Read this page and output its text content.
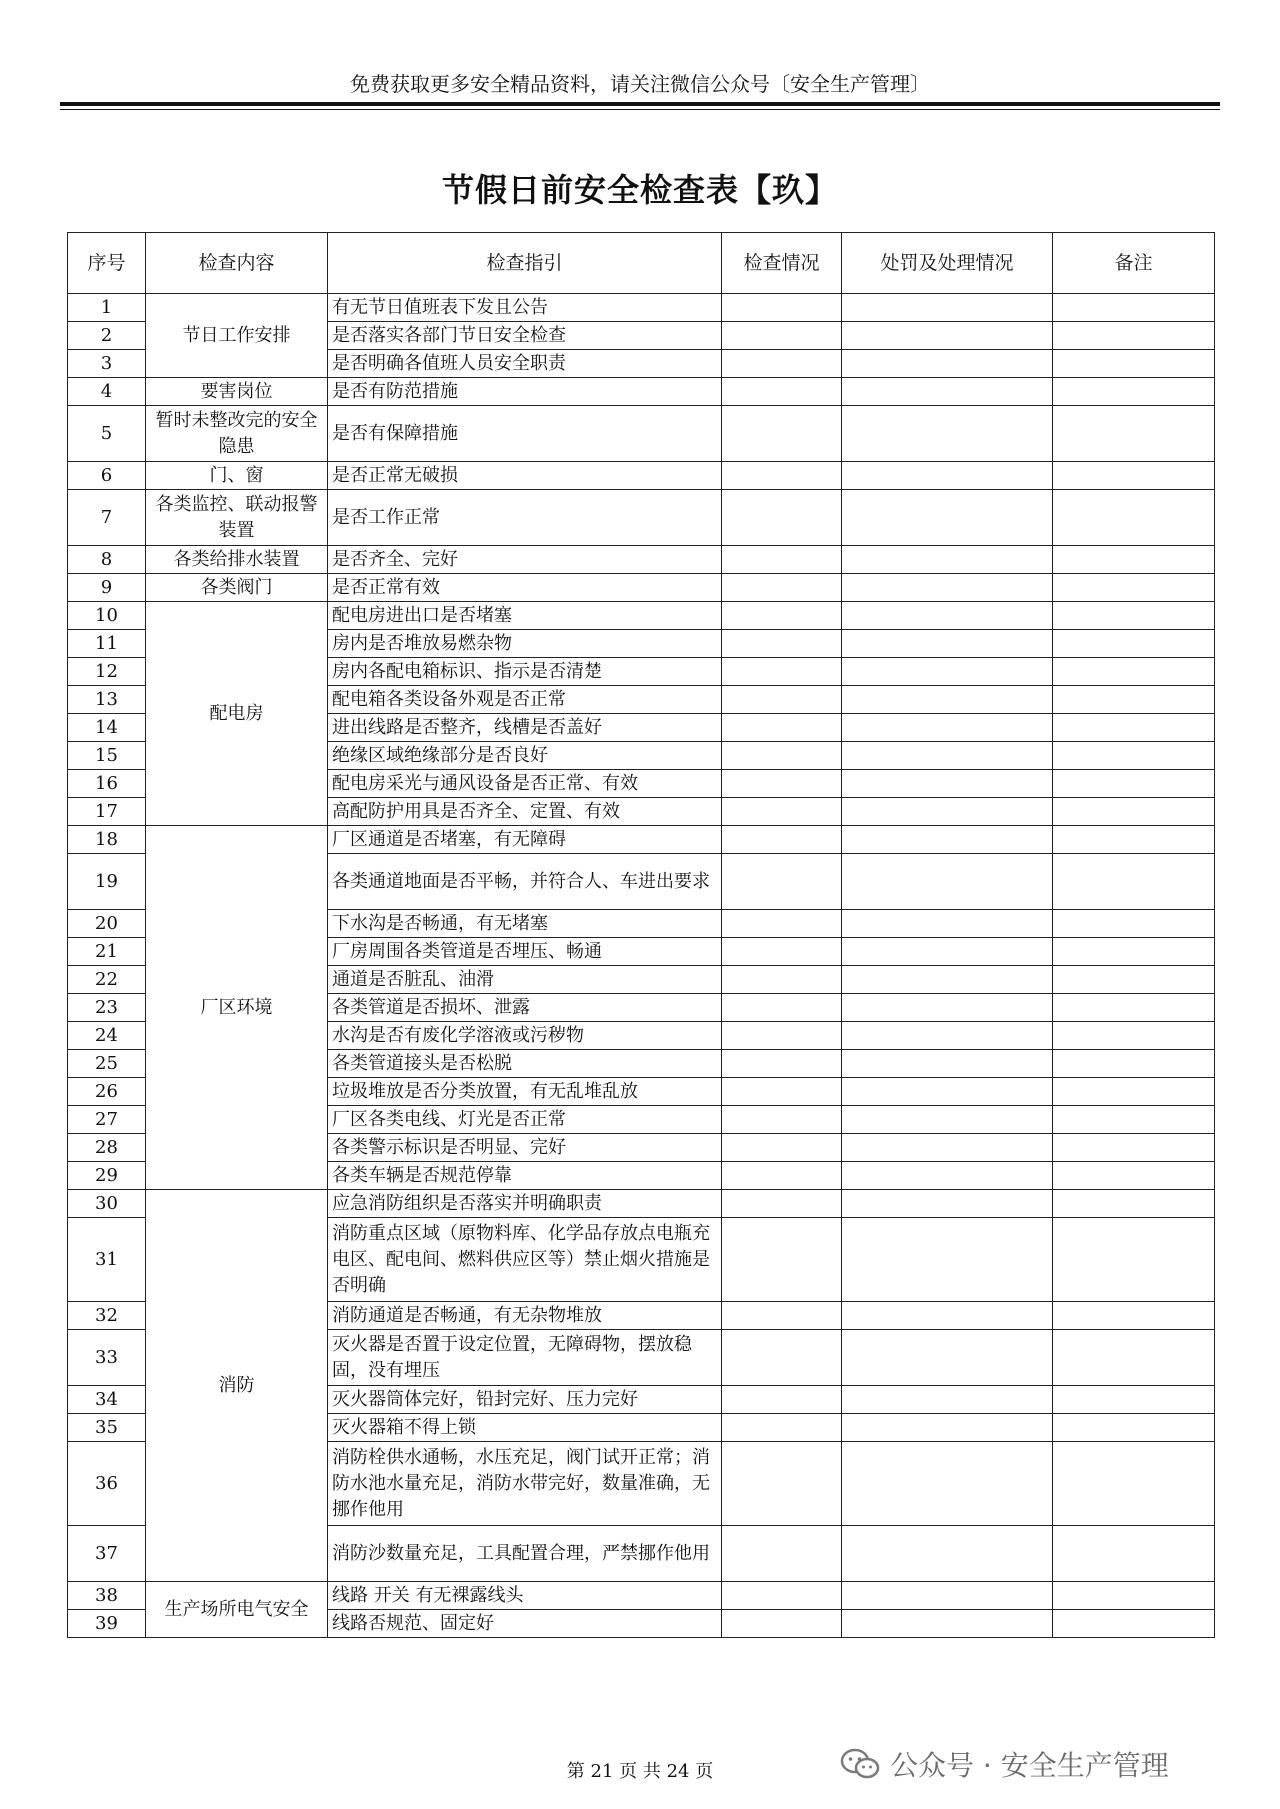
免费获取更多安全精品资料，请关注微信公众号〔安全生产管理〕
节假日前安全检查表【玖】
序号	检查内容	检查指引	检查情况	处罚及处理情况	备注
1	节日工作安排	有无节日值班表下发且公告			
2		是否落实各部门节日安全检查			
3		是否明确各值班人员安全职责			
4	要害岗位	是否有防范措施			
5	暂时未整改完的安全隐患	是否有保障措施			
6	门、窗	是否正常无破损			
7	各类监控、联动报警装置	是否工作正常			
8	各类给排水装置	是否齐全、完好			
9	各类阀门	是否正常有效			
10	配电房	配电房进出口是否堵塞			
11		房内是否堆放易燃杂物			
12		房内各配电箱标识、指示是否清楚			
13		配电箱各类设备外观是否正常			
14		进出线路是否整齐，线槽是否盖好			
15		绝缘区域绝缘部分是否良好			
16		配电房采光与通风设备是否正常、有效			
17		高配防护用具是否齐全、定置、有效			
18	厂区环境	厂区通道是否堵塞，有无障碍			
19		各类通道地面是否平畅，并符合人、车进出要求			
20		下水沟是否畅通，有无堵塞			
21		厂房周围各类管道是否埋压、畅通			
22		通道是否脏乱、油滑			
23		各类管道是否损坏、泄露			
24		水沟是否有废化学溶液或污秽物			
25		各类管道接头是否松脱			
26		垃圾堆放是否分类放置，有无乱堆乱放			
27		厂区各类电线、灯光是否正常			
28		各类警示标识是否明显、完好			
29		各类车辆是否规范停靠			
30	消防	应急消防组织是否落实并明确职责			
31		消防重点区域（原物料库、化学品存放点电瓶充电区、配电间、燃料供应区等）禁止烟火措施是否明确			
32		消防通道是否畅通，有无杂物堆放			
33		灭火器是否置于设定位置，无障碍物，摆放稳固，没有埋压			
34		灭火器筒体完好，铅封完好、压力完好			
35		灭火器箱不得上锁			
36		消防栓供水通畅，水压充足，阀门试开正常；消防水池水量充足，消防水带完好，数量准确，无挪作他用			
37		消防沙数量充足，工具配置合理，严禁挪作他用			
38	生产场所电气安全	线路 开关 有无裸露线头			
39		线路否规范、固定好			
第 21 页 共 24 页	公众号 · 安全生产管理
